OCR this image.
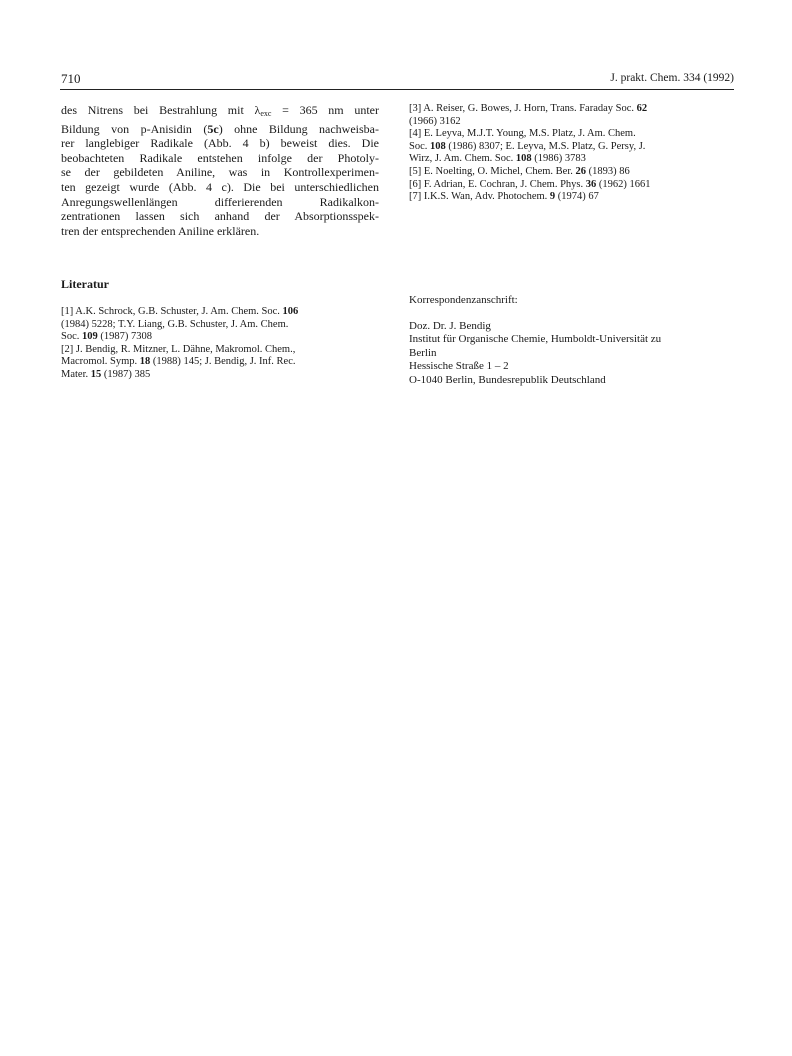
710	J. prakt. Chem. 334 (1992)

des Nitrens bei Bestrahlung mit $\lambda_{exc} = 365$ nm unter
Bildung von p-Anisidin (5c) ohne Bildung nachweisba-
rer langlebiger Radikale (Abb. 4 b) beweist dies. Die
beobachteten Radikale entstehen infolge der Photoly-
se der gebildeten Aniline, was in Kontrollexperimen-
ten gezeigt wurde (Abb. 4 c). Die bei unterschiedlichen
Anregungswellenlängen differierenden Radikalkon-
zentrationen lassen sich anhand der Absorptionsspek-
tren der entsprechenden Aniline erklären.

[3] A. Reiser, G. Bowes, J. Horn, Trans. Faraday Soc. 62
(1966) 3162

[4] E. Leyva, M.J.T. Young, M.S. Platz, J. Am. Chem.
Soc. 108 (1986) 8307; E. Leyva, M.S. Platz, G. Persy, J.
Wirz, J. Am. Chem. Soc. 108 (1986) 3783

[5] E. Noelting, O. Michel, Chem. Ber. 26 (1893) 86

[6] F. Adrian, E. Cochran, J. Chem. Phys. 36 (1962) 1661

[7] I.K.S. Wan, Adv. Photochem. 9 (1974) 67

Literatur

[1] A.K. Schrock, G.B. Schuster, J. Am. Chem. Soc. 106
(1984) 5228; T.Y. Liang, G.B. Schuster, J. Am. Chem.
Soc. 109 (1987) 7308

[2] J. Bendig, R. Mitzner, L. Dähne, Makromol. Chem.,
Macromol. Symp. 18 (1988) 145; J. Bendig, J. Inf. Rec.
Mater. 15 (1987) 385

Korrespondenzanschrift:
Doz. Dr. J. Bendig
Institut für Organische Chemie, Humboldt-Universität zu
Berlin
Hessische Straße 1 – 2
O-1040 Berlin, Bundesrepublik Deutschland
